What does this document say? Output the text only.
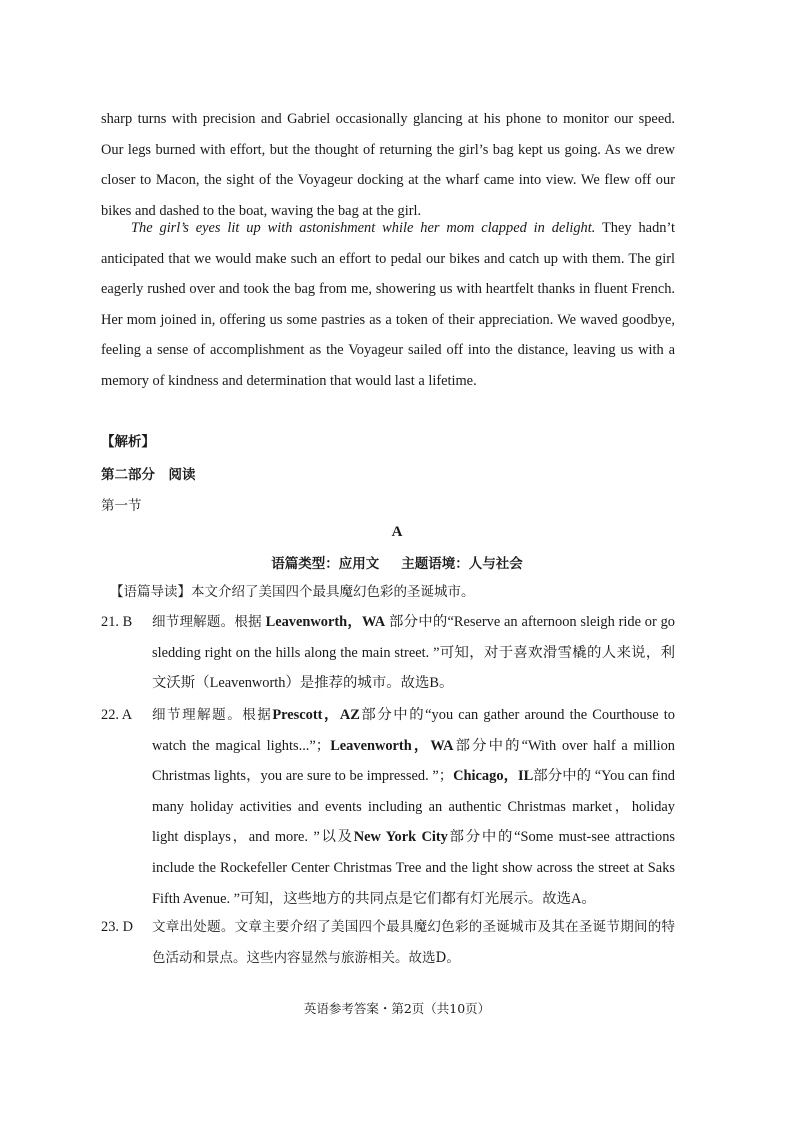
sharp turns with precision and Gabriel occasionally glancing at his phone to monitor our speed. Our legs burned with effort, but the thought of returning the girl’s bag kept us going. As we drew closer to Macon, the sight of the Voyageur docking at the wharf came into view. We flew off our bikes and dashed to the boat, waving the bag at the girl.

The girl’s eyes lit up with astonishment while her mom clapped in delight. They hadn’t anticipated that we would make such an effort to pedal our bikes and catch up with them. The girl eagerly rushed over and took the bag from me, showering us with heartfelt thanks in fluent French. Her mom joined in, offering us some pastries as a token of their appreciation. We waved goodbye, feeling a sense of accomplishment as the Voyageur sailed off into the distance, leaving us with a memory of kindness and determination that would last a lifetime.

【解析】

第二部分　阅读

第一节

A

语篇类型：应用文 主题语境：人与社会

【语篇导读】本文介绍了美国四个最具魔幻色彩的圣诞城市。

21. B 细节理解题。根据 Leavenworth，WA 部分中的“Reserve an afternoon sleigh ride or go sledding right on the hills along the main street. ”可知，对于喜欢滑雪橇的人来说，利文沃斯（Leavenworth）是推荐的城市。故选B。

22. A 细节理解题。根据Prescott，AZ部分中的“you can gather around the Courthouse to watch the magical lights...”；Leavenworth，WA部分中的“With over half a million Christmas lights，you are sure to be impressed. ”；Chicago，IL部分中的 “You can find many holiday activities and events including an authentic Christmas market，holiday light displays，and more. ”以及New York City部分中的“Some must-see attractions include the Rockefeller Center Christmas Tree and the light show across the street at Saks Fifth Avenue. ”可知，这些地方的共同点是它们都有灯光展示。故选A。

23. D 文章出处题。文章主要介绍了美国四个最具魔幻色彩的圣诞城市及其在圣诞节期间的特色活动和景点。这些内容显然与旅游相关。故选D。

英语参考答案・第2页（共10页）
